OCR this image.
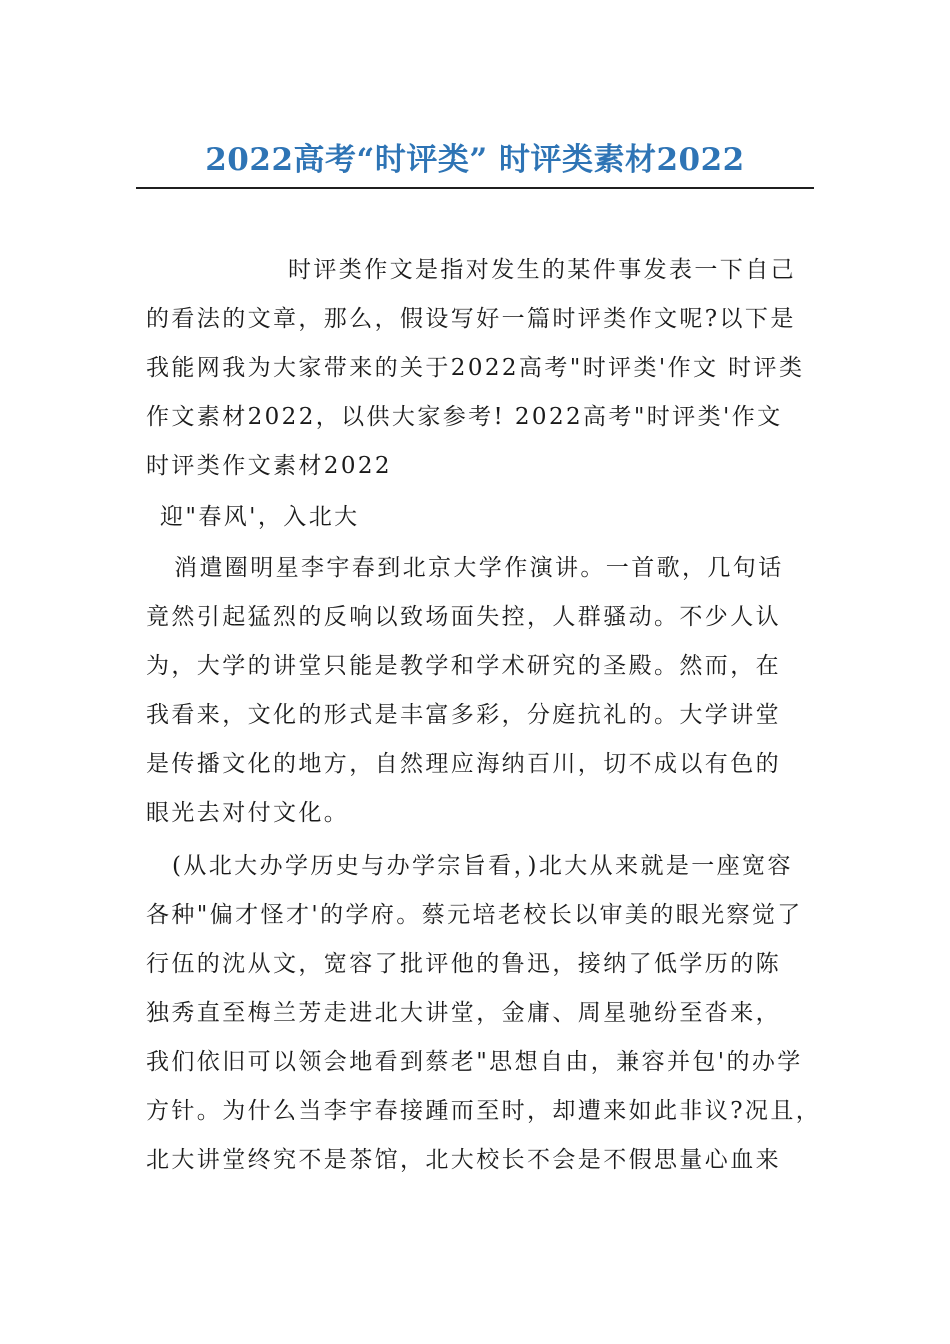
2022高考“时评类” 时评类素材2022
时评类作文是指对发生的某件事发表一下自己
的看法的文章，那么，假设写好一篇时评类作文呢?以下是
我能网我为大家带来的关于2022高考"时评类'作文 时评类
作文素材2022，以供大家参考! 2022高考"时评类'作文
时评类作文素材2022
迎"春风'，入北大
消遣圈明星李宇春到北京大学作演讲。一首歌，几句话
竟然引起猛烈的反响以致场面失控，人群骚动。不少人认
为，大学的讲堂只能是教学和学术研究的圣殿。然而，在
我看来，文化的形式是丰富多彩，分庭抗礼的。大学讲堂
是传播文化的地方，自然理应海纳百川，切不成以有色的
眼光去对付文化。
(从北大办学历史与办学宗旨看，)北大从来就是一座宽容
各种"偏才怪才'的学府。蔡元培老校长以审美的眼光察觉了
行伍的沈从文，宽容了批评他的鲁迅，接纳了低学历的陈
独秀直至梅兰芳走进北大讲堂，金庸、周星驰纷至沓来，
我们依旧可以领会地看到蔡老"思想自由，兼容并包'的办学
方针。为什么当李宇春接踵而至时，却遭来如此非议?况且，
北大讲堂终究不是茶馆，北大校长不会是不假思量心血来
